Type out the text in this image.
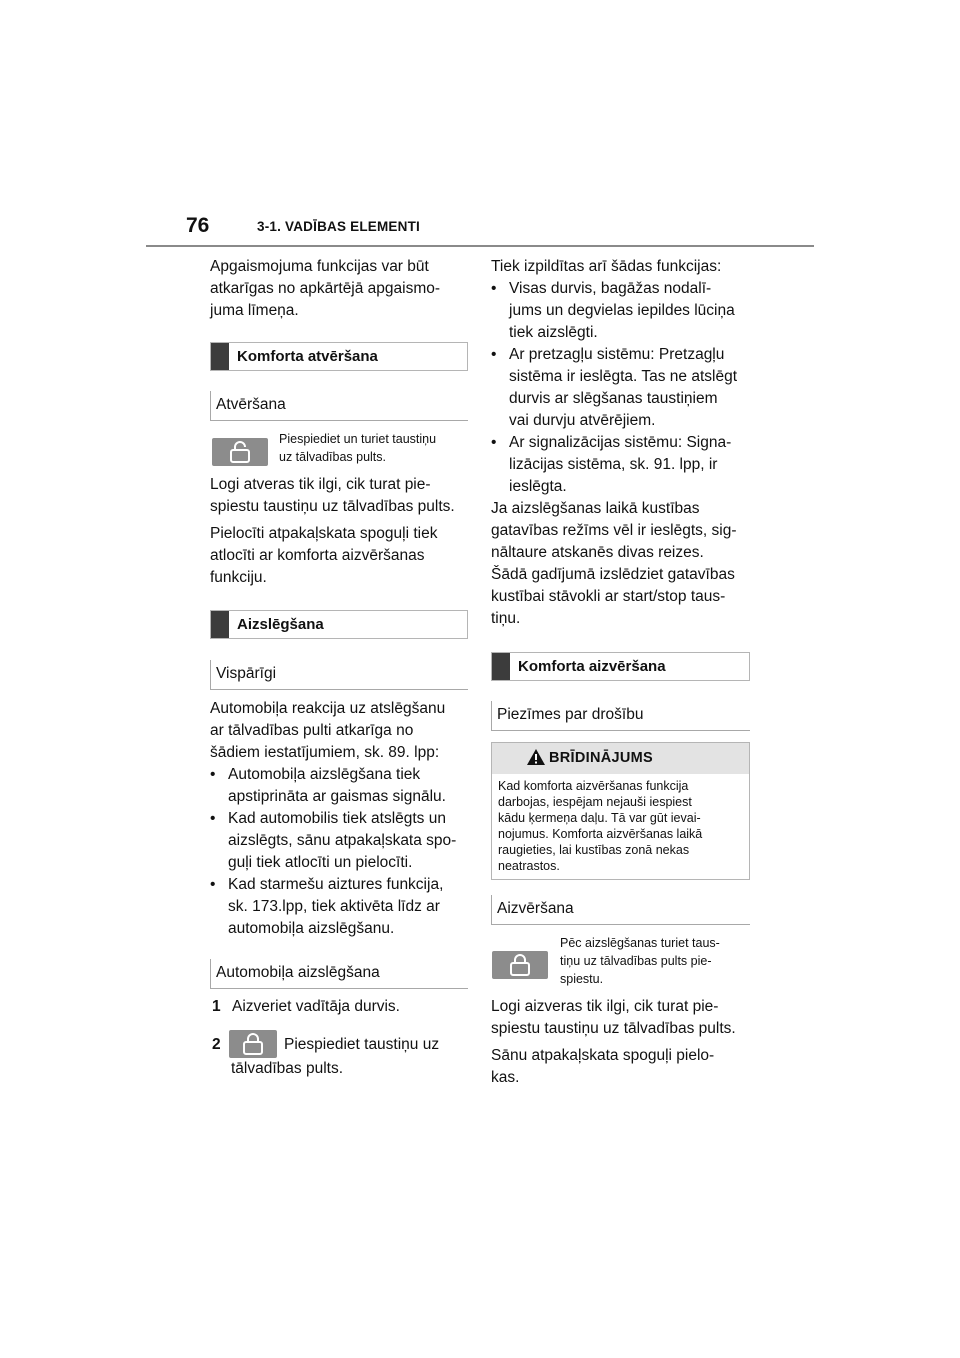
76	3-1. VADĪBAS ELEMENTI

Apgaismojuma funkcijas var būt

atkarīgas no apkārtējā apgaismo-

juma līmeņa.

Komforta atvēršana
Atvēršana
Piespiediet un turiet taustiņu
uz tālvadības pults.

Logi atveras tik ilgi, cik turat pie-

spiestu taustiņu uz tālvadības pults.

Pielocīti atpakaļskata spoguļi tiek

atlocīti ar komforta aizvēršanas

funkciju.

Aizslēgšana
Vispārīgi

Automobiļa reakcija uz atslēgšanu

ar tālvadības pulti atkarīga no

šādiem iestatījumiem, sk. 89. lpp:

• Automobiļa aizslēgšana tiek
apstiprināta ar gaismas signālu.
• Kad automobilis tiek atslēgts un
aizslēgts, sānu atpakaļskata spo-
guļi tiek atlocīti un pielocīti.
• Kad starmešu aiztures funkcija,
sk. 173.lpp, tiek aktivēta līdz ar
automobiļa aizslēgšanu.
Automobiļa aizslēgšana
1 Aizveriet vadītāja durvis.
2	Piespiediet taustiņu uz
tālvadības pults.

Tiek izpildītas arī šādas funkcijas:

• Visas durvis, bagāžas nodalī-
jums un degvielas iepildes lūciņa
tiek aizslēgti.
• Ar pretzagļu sistēmu: Pretzagļu
sistēma ir ieslēgta. Tas ne atslēgt
durvis ar slēgšanas taustiņiem
vai durvju atvērējiem.
• Ar signalizācijas sistēmu: Signa-
lizācijas sistēma, sk. 91. lpp, ir
ieslēgta.

Ja aizslēgšanas laikā kustības

gatavības režīms vēl ir ieslēgts, sig-

nāltaure atskanēs divas reizes.

Šādā gadījumā izslēdziet gatavības

kustībai stāvokli ar start/stop taus-

tiņu.

Komforta aizvēršana
Piezīmes par drošību
BRĪDINĀJUMS
Kad komforta aizvēršanas funkcija
darbojas, iespējam nejauši iespiest
kādu ķermeņa daļu. Tā var gūt ievai-
nojumus. Komforta aizvēršanas laikā
raugieties, lai kustības zonā nekas
neatrastos.
Aizvēršana
Pēc aizslēgšanas turiet taus-
tiņu uz tālvadības pults pie-
spiestu.

Logi aizveras tik ilgi, cik turat pie-

spiestu taustiņu uz tālvadības pults.

Sānu atpakaļskata spoguļi pielo-

kas.
